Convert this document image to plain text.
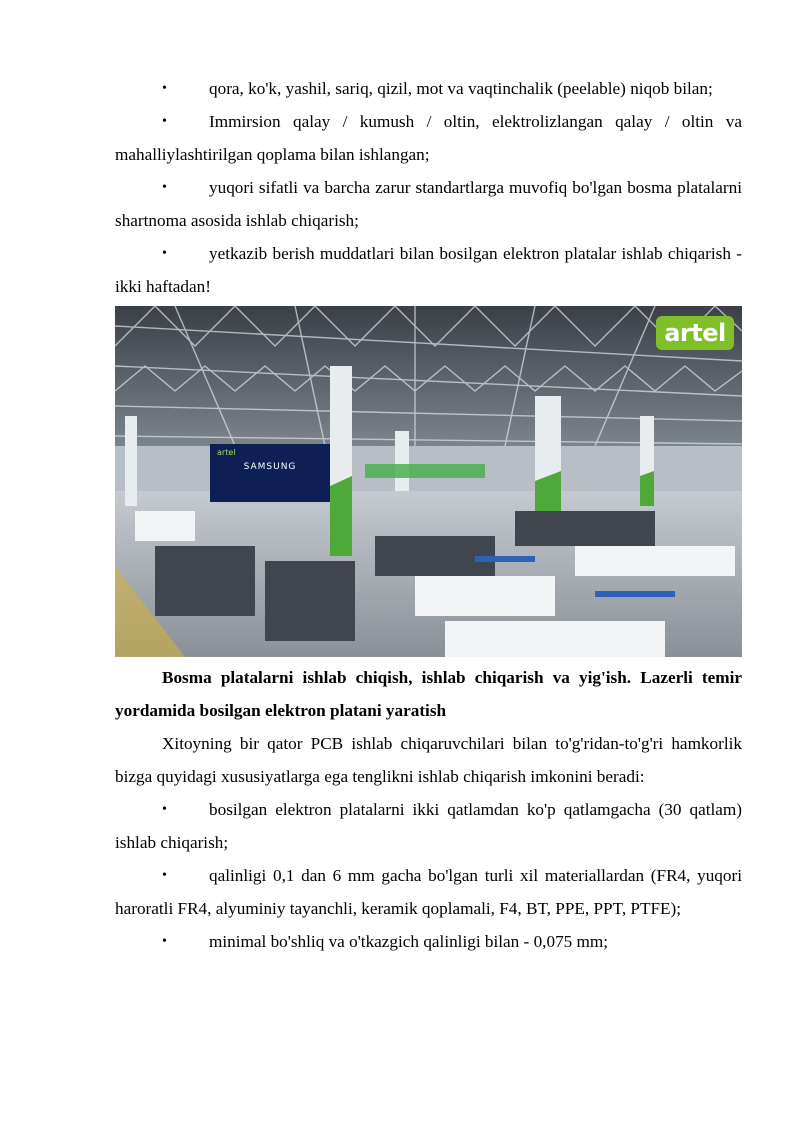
• qora, ko'k, yashil, sariq, qizil, mot va vaqtinchalik (peelable) niqob bilan;

• Immirsion qalay / kumush / oltin, elektrolizlangan qalay / oltin va mahalliylashtirilgan qoplama bilan ishlangan;

• yuqori sifatli va barcha zarur standartlarga muvofiq bo'lgan bosma platalarni shartnoma asosida ishlab chiqarish;

• yetkazib berish muddatlari bilan bosilgan elektron platalar ishlab chiqarish - ikki haftadan!

SAMSUNG
artel
artel

Bosma platalarni ishlab chiqish, ishlab chiqarish va yig'ish. Lazerli temir yordamida bosilgan elektron platani yaratish

Xitoyning bir qator PCB ishlab chiqaruvchilari bilan to'g'ridan-to'g'ri hamkorlik bizga quyidagi xususiyatlarga ega tenglikni ishlab chiqarish imkonini beradi:

• bosilgan elektron platalarni ikki qatlamdan ko'p qatlamgacha (30 qatlam) ishlab chiqarish;

• qalinligi 0,1 dan 6 mm gacha bo'lgan turli xil materiallardan (FR4, yuqori haroratli FR4, alyuminiy tayanchli, keramik qoplamali, F4, BT, PPE, PPT, PTFE);

• minimal bo'shliq va o'tkazgich qalinligi bilan - 0,075 mm;
